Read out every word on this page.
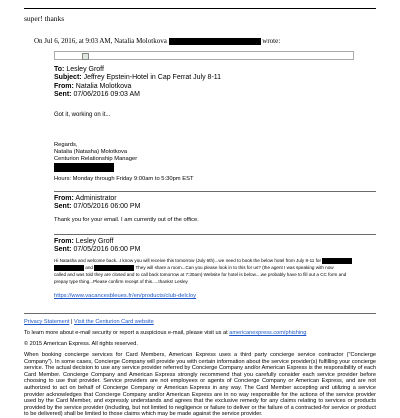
super! thanks
On Jul 6, 2016, at 9:03 AM, Natalia Molotkova	wrote:
To: Lesley Groff
Subject: Jeffrey Epstein-Hotel in Cap Ferrat July 8-11
From: Natalia Molotkova
Sent: 07/06/2016 09:03 AM
Got it, working on it...
Regards,
Natalia (Natasha) Molotkova
Centurion Relationship Manager
Hours: Monday through Friday 9:00am to 5:30pm EST
From: Administrator
Sent: 07/05/2016 06:00 PM
Thank you for your email. I am currently out of the office.
From: Lesley Groff
Sent: 07/05/2016 06:00 PM
Hi Natasha and welcome back...I know you will receive this tomorrow (July 6th)...we need to book the below hotel from July 8-11 for
and	They will share a room...Can you please look in to this for us? (the agent I was speaking with now
called and was told they are closed and to call back tomorrow at 7:30am) Website for hotel is below....we probably have to fill out a CC form and
prepay type thing...Please confirm receipt of this.....thanks! Lesley
https://www.vacancesbleues.fr/en/products/club-delcloy
Privacy Statement | Visit the Centurion Card website
To learn more about e-mail security or report a suspicious e-mail, please visit us at americanexpress.com/phishing
© 2015 American Express. All rights reserved.
When booking concierge services for Card Members, American Express uses a third party concierge service contractor ("Concierge Company"). In some cases, Concierge Company will provide you with certain information about the service provider(s) fulfilling your concierge service. The actual decision to use any service provider referred by Concierge Company and/or American Express is the responsibility of each Card Member. Concierge Company and American Express strongly recommend that you carefully consider each service provider before choosing to use that provider. Service providers are not employees or agents of Concierge Company or American Express, and are not authorized to act on behalf of Concierge Company or American Express in any way. The Card Member accepting and utilizing a service provider acknowledges that Concierge Company and/or American Express are in no way responsible for the actions of the service provider used by the Card Member, and expressly understands and agrees that the exclusive remedy for any claims relating to services or products provided by the service provider (including, but not limited to negligence or failure to deliver or the failure of a contracted-for service or product to be delivered) shall be limited to those claims which may be made against the service provider.
